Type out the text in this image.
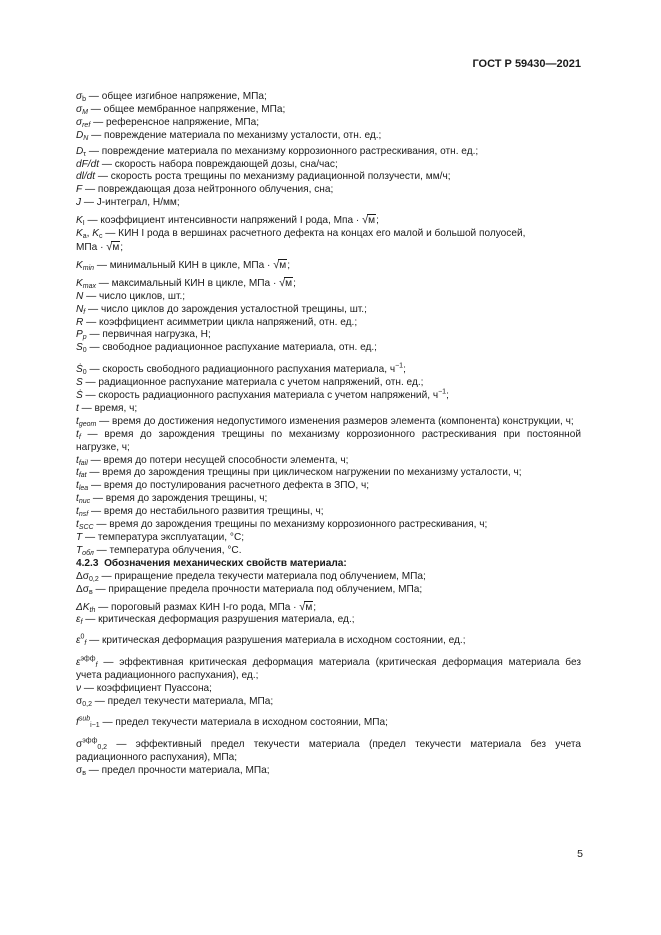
ГОСТ Р 59430—2021
$\sigma_b$ — общее изгибное напряжение, МПа;
$\sigma_M$ — общее мембранное напряжение, МПа;
$\sigma_{ref}$ — референсное напряжение, МПа;
$D_N$ — повреждение материала по механизму усталости, отн. ед.;
$D_\tau$ — повреждение материала по механизму коррозионного растрескивания, отн. ед.;
dF/dt — скорость набора повреждающей дозы, сна/час;
dl/dt — скорость роста трещины по механизму радиационной ползучести, мм/ч;
F — повреждающая доза нейтронного облучения, сна;
J — J-интеграл, Н/мм;
$K_I$ — коэффициент интенсивности напряжений I рода, Мпа · √м;
$K_a$, $K_c$ — КИН I рода в вершинах расчетного дефекта на концах его малой и большой полуосей,
МПа · √м;
$K_{min}$ — минимальный КИН в цикле, МПа · √м;
$K_{max}$ — максимальный КИН в цикле, МПа · √м;
N — число циклов, шт.;
$N_f$ — число циклов до зарождения усталостной трещины, шт.;
R — коэффициент асимметрии цикла напряжений, отн. ед.;
$P_p$ — первичная нагрузка, Н;
$S_0$ — свободное радиационное распухание материала, отн. ед.;
Ṡ$_0$ — скорость свободного радиационного распухания материала, $ч^{-1}$;
S — радиационное распухание материала с учетом напряжений, отн. ед.;
Ṡ — скорость радиационного распухания материала с учетом напряжений, $ч^{-1}$;
t — время, ч;
$t_{geom}$ — время до достижения недопустимого изменения размеров элемента (компонента) конструкции, ч;
$t_f$ — время до зарождения трещины по механизму коррозионного растрескивания при постоянной нагрузке, ч;
$t_{fail}$ — время до потери несущей способности элемента, ч;
$t_{fat}$ — время до зарождения трещины при циклическом нагружении по механизму усталости, ч;
$t_{lea}$ — время до постулирования расчетного дефекта в ЗПО, ч;
$t_{nuc}$ — время до зарождения трещины, ч;
$t_{nsf}$ — время до нестабильного развития трещины, ч;
$t_{SCC}$ — время до зарождения трещины по механизму коррозионного растрескивания, ч;
T — температура эксплуатации, °С;
$T_{обл}$ — температура облучения, °С.
4.2.3 Обозначения механических свойств материала:
$\Delta\sigma_{0,2}$ — приращение предела текучести материала под облучением, МПа;
$\Delta\sigma_в$ — приращение предела прочности материала под облучением, МПа;
$\Delta K_{th}$ — пороговый размах КИН I-го рода, МПа · √м;
$\varepsilon_f$ — критическая деформация разрушения материала, ед.;
$\varepsilon^0_f$ — критическая деформация разрушения материала в исходном состоянии, ед.;
$\varepsilon^{эфф}_f$ — эффективная критическая деформация материала (критическая деформация материала без учета радиационного распухания), ед.;
ν — коэффициент Пуассона;
$\sigma_{0,2}$ — предел текучести материала, МПа;
$f^{sub}_{i-1}$ — предел текучести материала в исходном состоянии, МПа;
$\sigma^{эфф}_{0,2}$ — эффективный предел текучести материала (предел текучести материала без учета радиационного распухания), МПа;
$\sigma_в$ — предел прочности материала, МПа;
5
